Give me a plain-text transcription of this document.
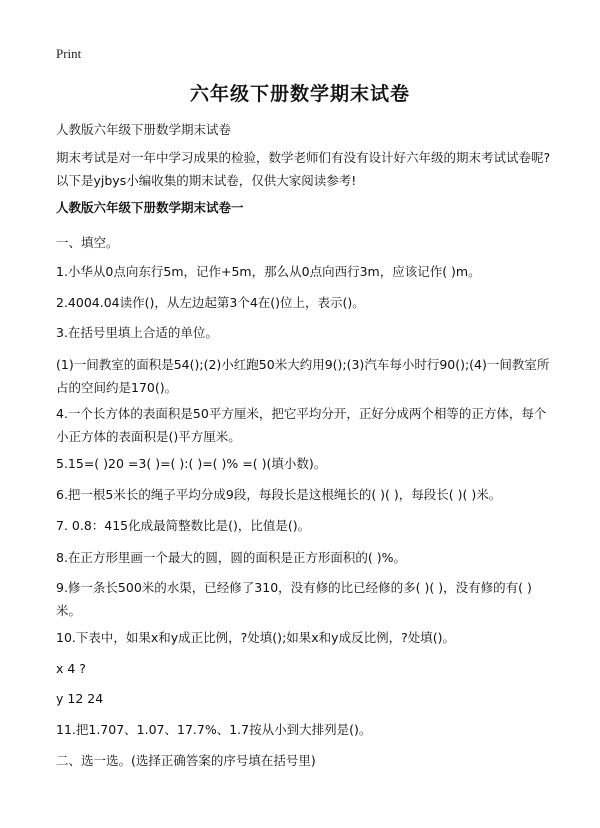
Print
六年级下册数学期末试卷

人教版六年级下册数学期末试卷

期末考试是对一年中学习成果的检验，数学老师们有没有设计好六年级的期末考试试卷呢?以下是yjbys小编收集的期末试卷，仅供大家阅读参考!

人教版六年级下册数学期末试卷一

一、填空。

1.小华从0点向东行5m，记作+5m，那么从0点向西行3m，应该记作( )m。

2.4004.04读作()，从左边起第3个4在()位上，表示()。

3.在括号里填上合适的单位。

(1)一间教室的面积是54();(2)小红跑50米大约用9();(3)汽车每小时行90();(4)一间教室所占的空间约是170()。

4.一个长方体的表面积是50平方厘米，把它平均分开，正好分成两个相等的正方体，每个小正方体的表面积是()平方厘米。

5.15=( )20 =3( )=( ):( )=( )% =( )(填小数)。

6.把一根5米长的绳子平均分成9段，每段长是这根绳长的( )( )，每段长( )( )米。

7. 0.8：415化成最简整数比是()，比值是()。

8.在正方形里画一个最大的圆，圆的面积是正方形面积的( )%。

9.修一条长500米的水渠，已经修了310，没有修的比已经修的多( )( )，没有修的有( )米。

10.下表中，如果x和y成正比例，?处填();如果x和y成反比例，?处填()。

x 4 ?

y 12 24

11.把1.707、1.07、17.7%、1.7按从小到大排列是()。

二、选一选。(选择正确答案的序号填在括号里)
